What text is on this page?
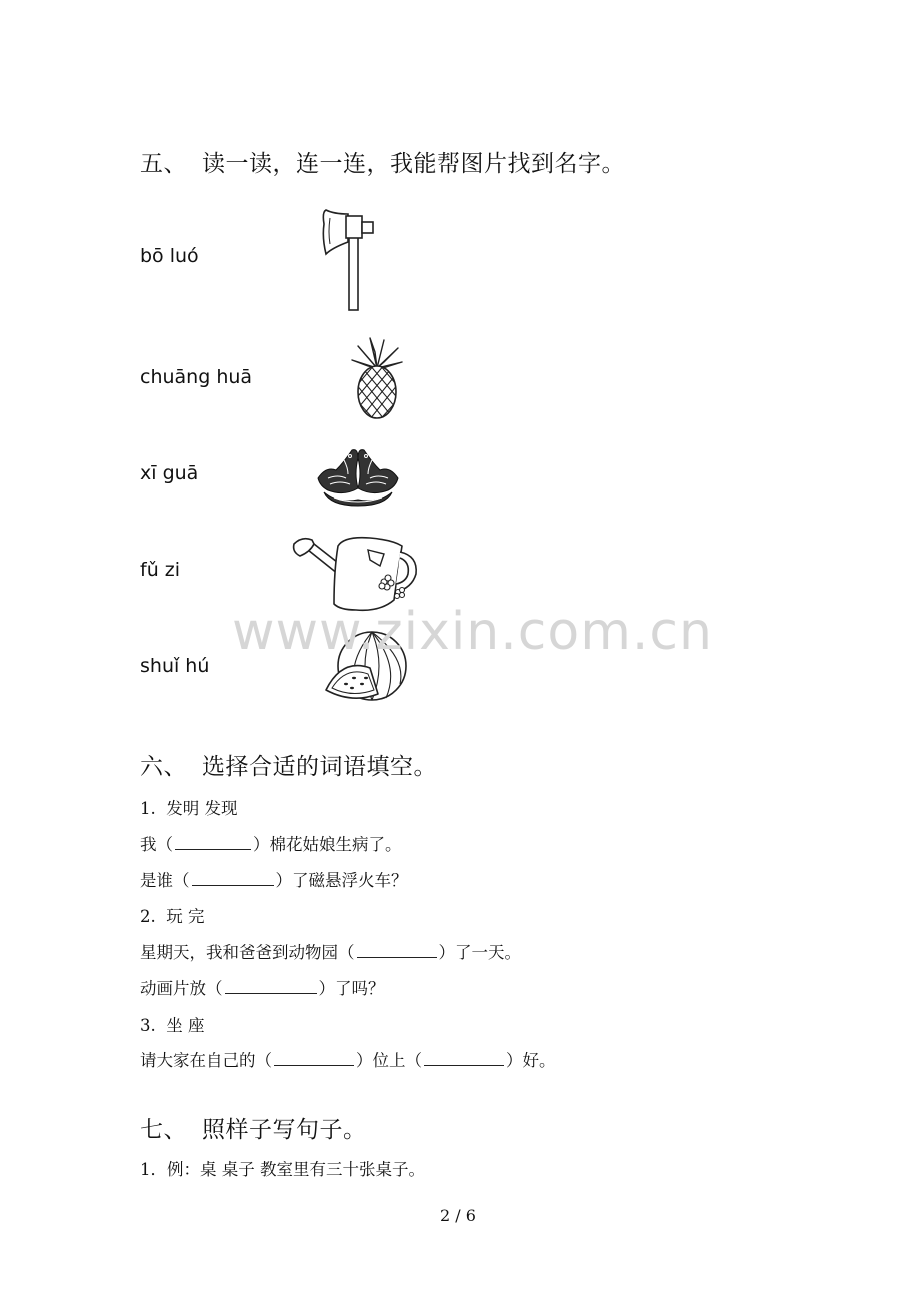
五、 读一读，连一连，我能帮图片找到名字。
bō luó
chuāng huā
xī guā
fǔ zi
shuǐ hú
www.zixin.com.cn
六、 选择合适的词语填空。
1. 发明 发现
我（	）棉花姑娘生病了。
是谁（	）了磁悬浮火车？
2. 玩 完
星期天，我和爸爸到动物园（	）了一天。
动画片放（	）了吗？
3. 坐 座
请大家在自己的（	）位上（	）好。
七、 照样子写句子。
1．例：桌 桌子 教室里有三十张桌子。
2 / 6
